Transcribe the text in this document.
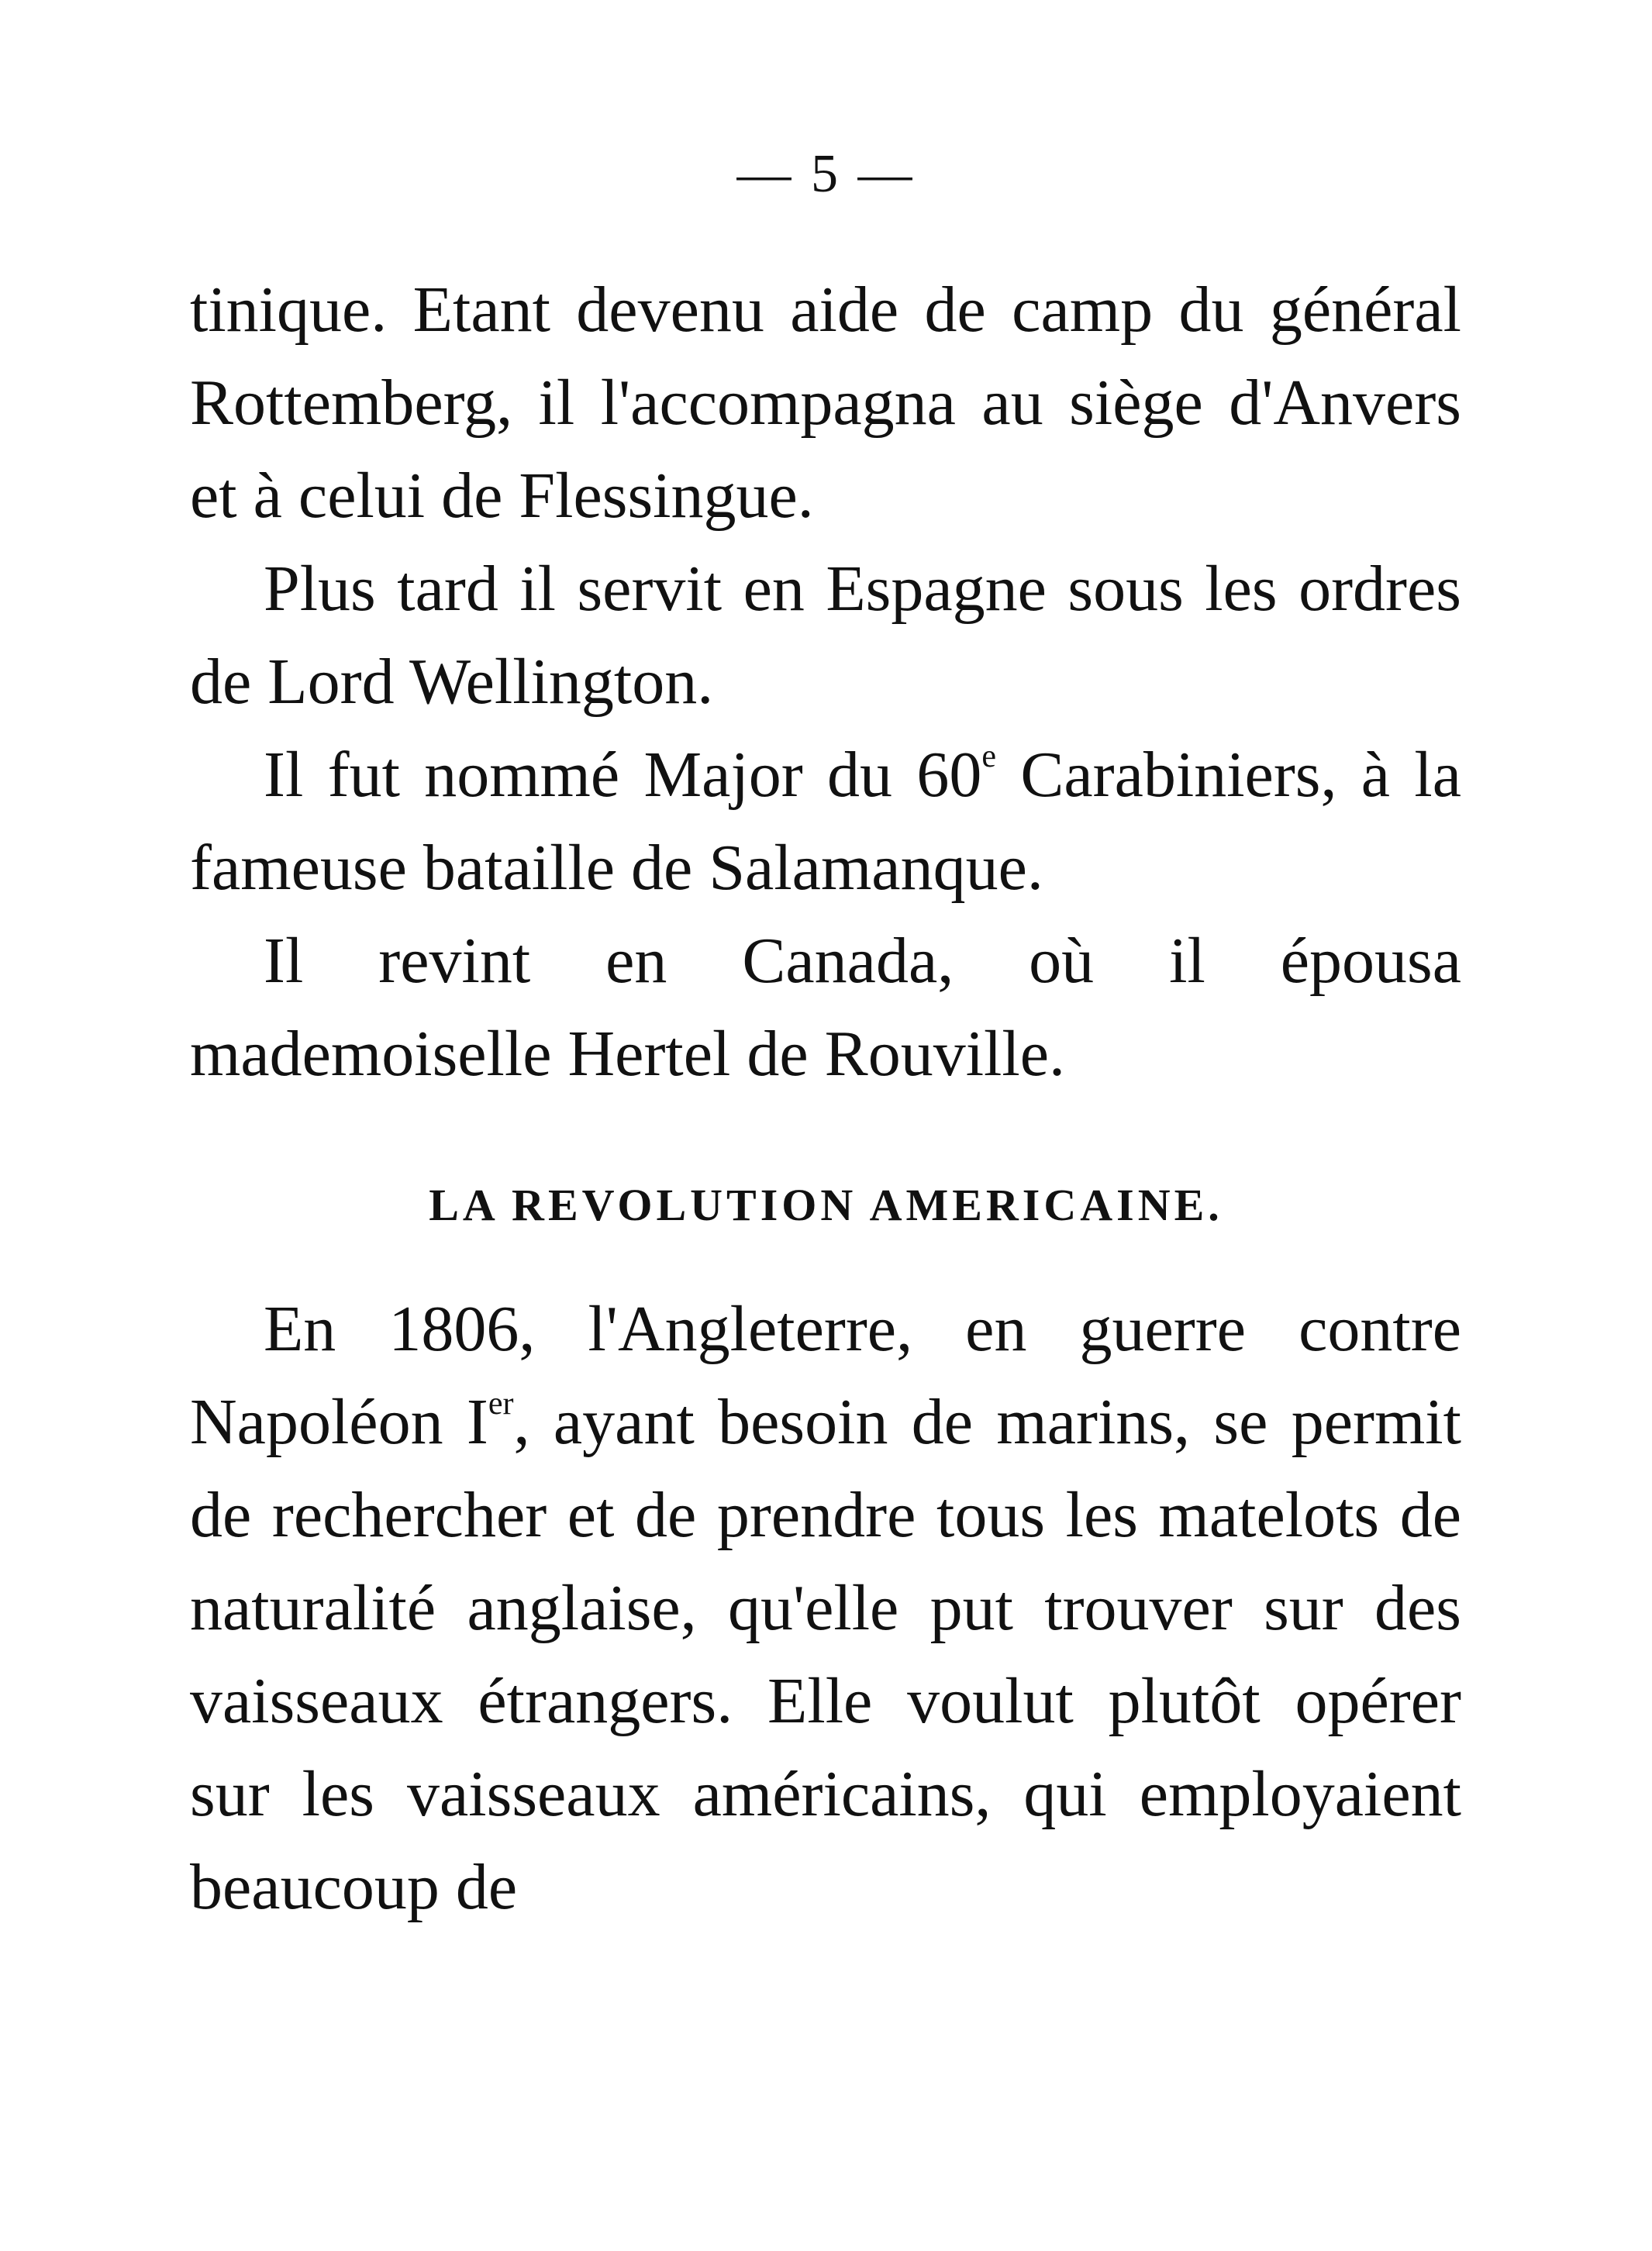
— 5 —

tinique. Etant devenu aide de camp du général Rottemberg, il l'accompagna au siège d'Anvers et à celui de Flessingue.

Plus tard il servit en Espagne sous les ordres de Lord Wellington.

Il fut nommé Major du 60e Carabiniers, à la fameuse bataille de Salamanque.

Il revint en Canada, où il épousa mademoiselle Hertel de Rouville.

LA REVOLUTION AMERICAINE.

En 1806, l'Angleterre, en guerre contre Napoléon Ier, ayant besoin de marins, se permit de rechercher et de prendre tous les matelots de naturalité anglaise, qu'elle put trouver sur des vaisseaux étrangers. Elle voulut plutôt opérer sur les vaisseaux américains, qui employaient beaucoup de
